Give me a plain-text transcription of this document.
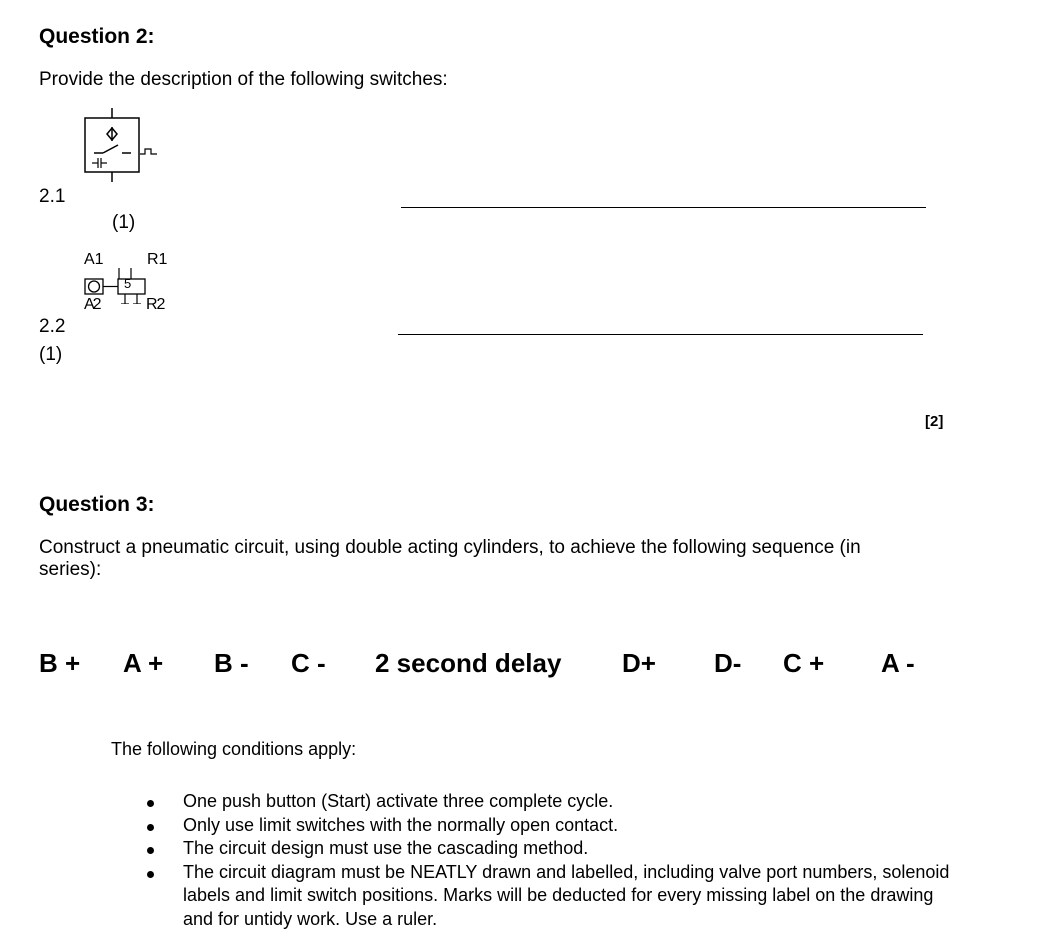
Question 2:
Provide the description of the following switches:
2.1
(1)
A1	R1
5
A2	R2
2.2
(1)
[2]
Question 3:
Construct a pneumatic circuit, using double acting cylinders, to achieve the following sequence (in
series):
B + A + B - C - 2 second delay D+ D- C + A -
The following conditions apply:
One push button (Start) activate three complete cycle.
Only use limit switches with the normally open contact.
The circuit design must use the cascading method.
The circuit diagram must be NEATLY drawn and labelled, including valve port numbers, solenoid labels and limit switch positions. Marks will be deducted for every missing label on the drawing and for untidy work. Use a ruler.
